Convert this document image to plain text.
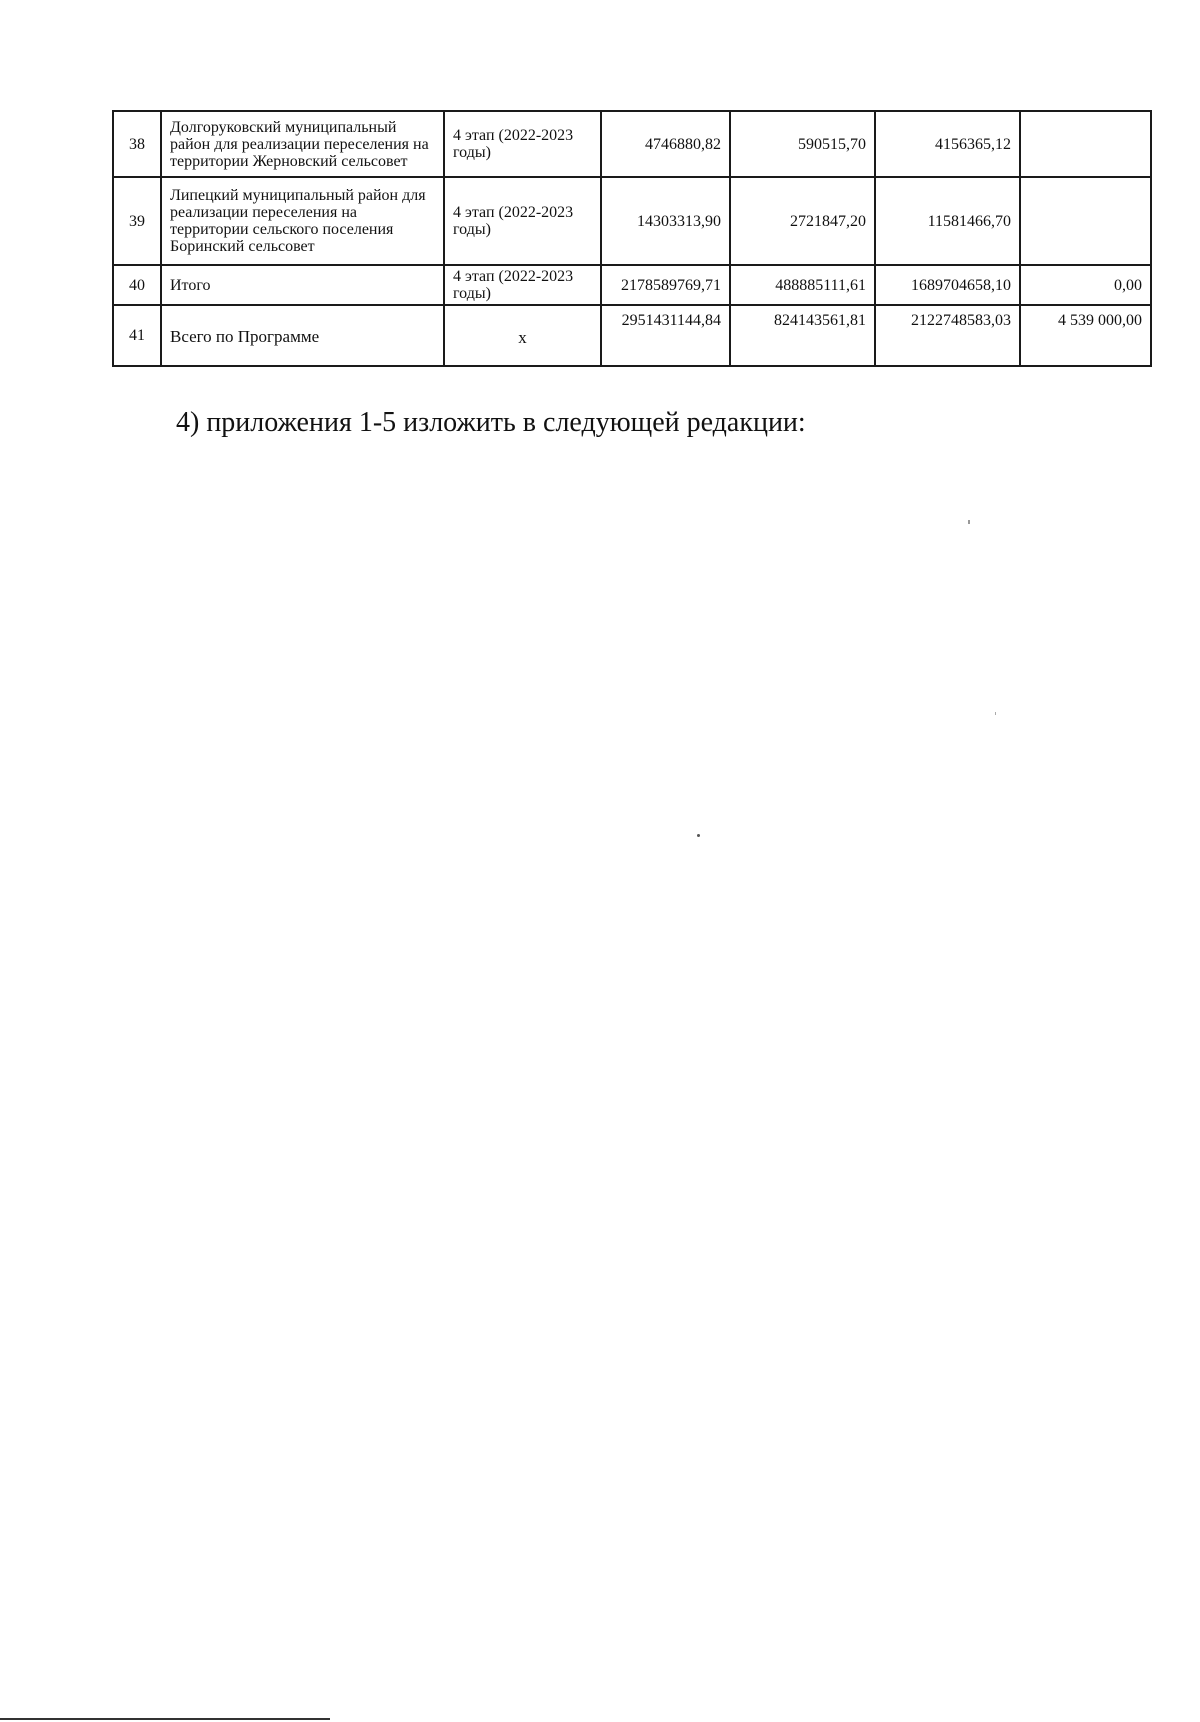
38	Долгоруковский муниципальный район для реализации переселения на территории Жерновский сельсовет	4 этап (2022-2023 годы)	4746880,82	590515,70	4156365,12	
39	Липецкий муниципальный район для реализации переселения на территории сельского поселения Боринский сельсовет	4 этап (2022-2023 годы)	14303313,90	2721847,20	11581466,70	
40	Итого	4 этап (2022-2023 годы)	2178589769,71	488885111,61	1689704658,10	0,00
41	Всего по Программе	х	2951431144,84	824143561,81	2122748583,03	4 539 000,00
4) приложения 1-5 изложить в следующей редакции:
